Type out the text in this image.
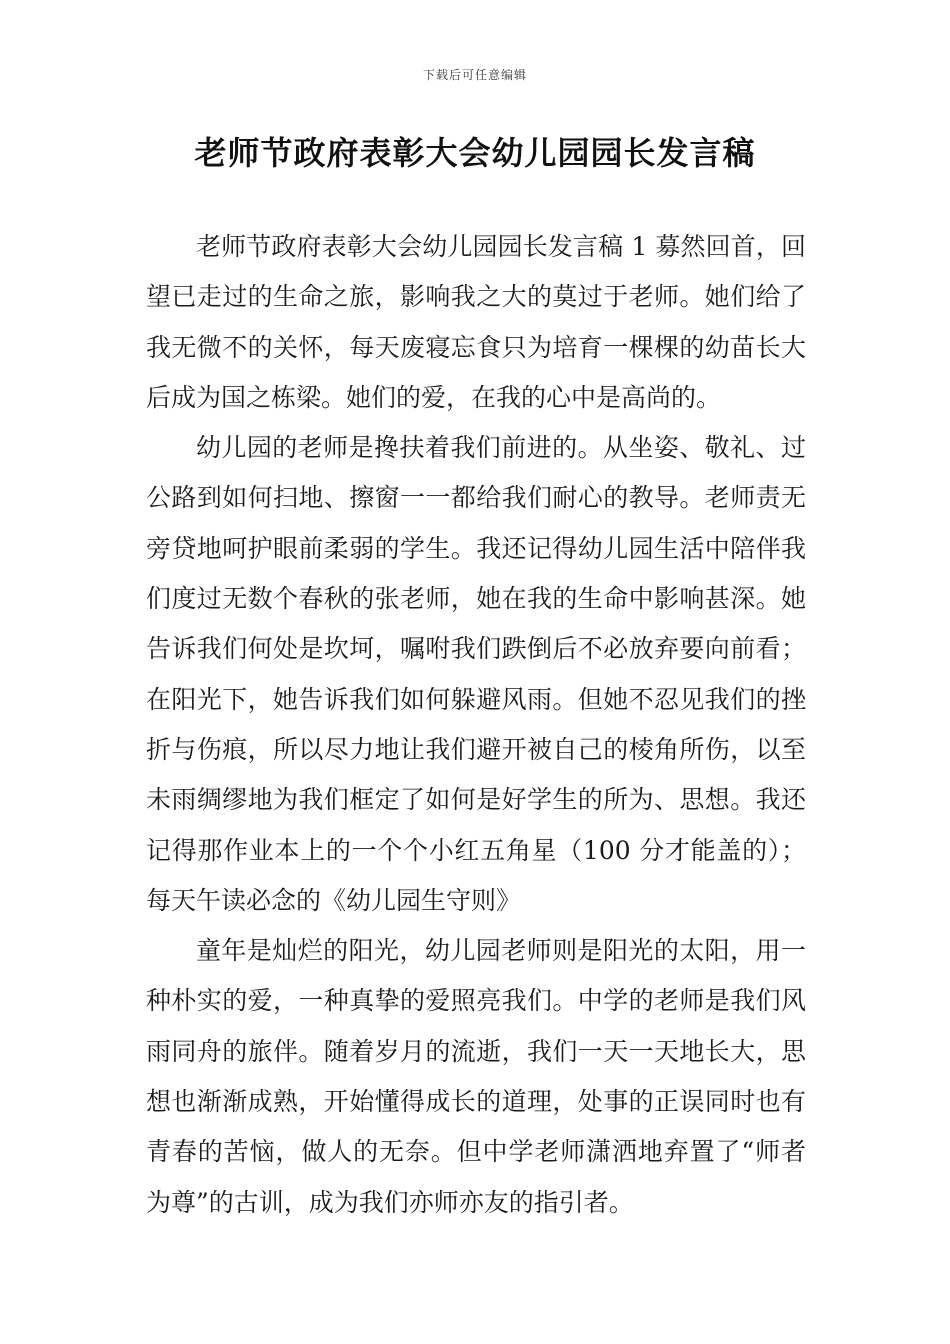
下载后可任意编辑
老师节政府表彰大会幼儿园园长发言稿

老师节政府表彰大会幼儿园园长发言稿 1 募然回首，回望已走过的生命之旅，影响我之大的莫过于老师。她们给了我无微不的关怀，每天废寝忘食只为培育一棵棵的幼苗长大后成为国之栋梁。她们的爱，在我的心中是高尚的。

幼儿园的老师是搀扶着我们前进的。从坐姿、敬礼、过公路到如何扫地、擦窗一一都给我们耐心的教导。老师责无旁贷地呵护眼前柔弱的学生。我还记得幼儿园生活中陪伴我们度过无数个春秋的张老师，她在我的生命中影响甚深。她告诉我们何处是坎坷，嘱咐我们跌倒后不必放弃要向前看；在阳光下，她告诉我们如何躲避风雨。但她不忍见我们的挫折与伤痕，所以尽力地让我们避开被自己的棱角所伤，以至未雨绸缪地为我们框定了如何是好学生的所为、思想。我还记得那作业本上的一个个小红五角星（100 分才能盖的）；每天午读必念的《幼儿园生守则》

童年是灿烂的阳光，幼儿园老师则是阳光的太阳，用一种朴实的爱，一种真挚的爱照亮我们。中学的老师是我们风雨同舟的旅伴。随着岁月的流逝，我们一天一天地长大，思想也渐渐成熟，开始懂得成长的道理，处事的正误同时也有青春的苦恼，做人的无奈。但中学老师潇洒地弃置了“师者为尊”的古训，成为我们亦师亦友的指引者。
